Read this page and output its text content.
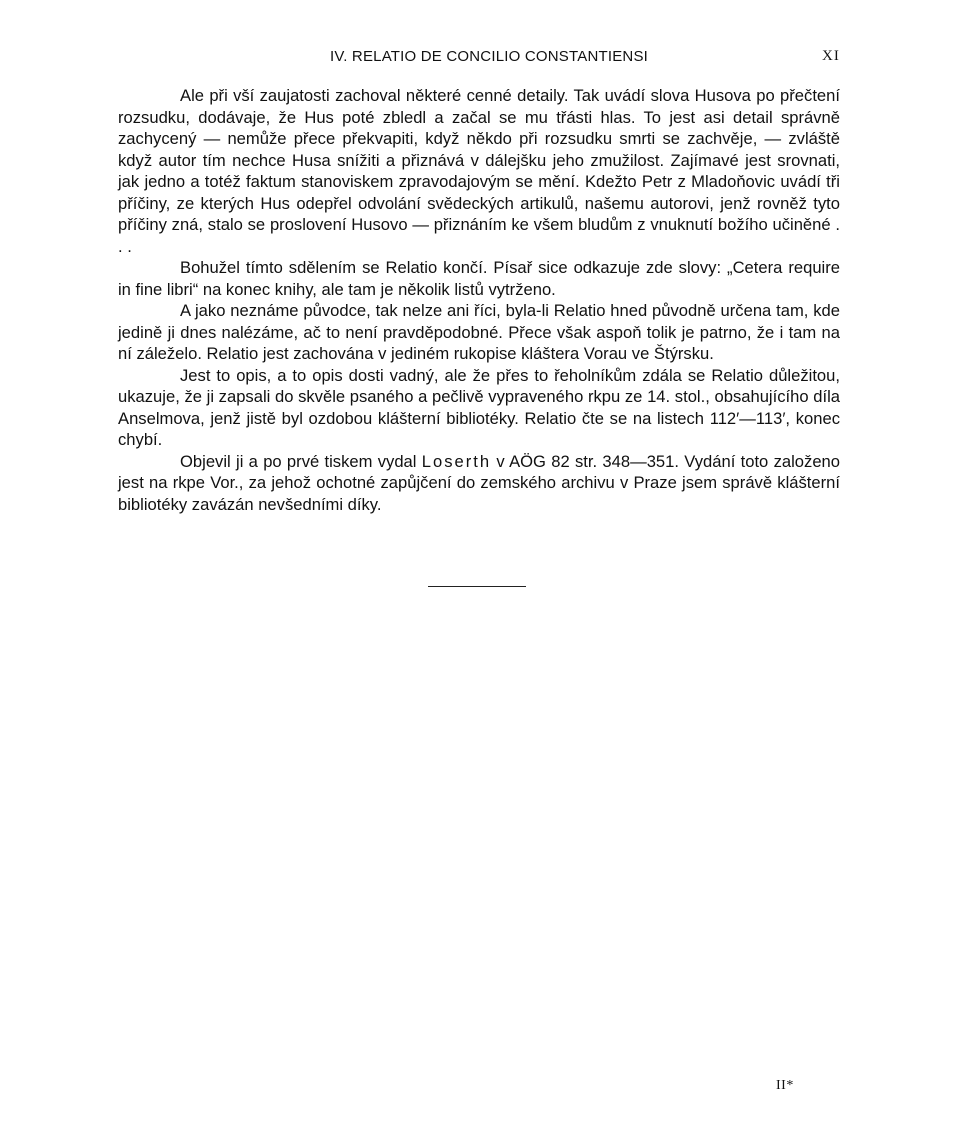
IV. RELATIO DE CONCILIO CONSTANTIENSI	XI

Ale při vší zaujatosti zachoval některé cenné detaily. Tak uvádí slova Husova po přečtení rozsudku, dodávaje, že Hus poté zbledl a začal se mu třásti hlas. To jest asi detail správně zachycený — nemůže přece překvapiti, když někdo při rozsudku smrti se zachvěje, — zvláště když autor tím nechce Husa snížiti a přiznává v dálejšku jeho zmužilost. Zajímavé jest srovnati, jak jedno a totéž faktum stanoviskem zpravodajovým se mění. Kdežto Petr z Mladoňovic uvádí tři příčiny, ze kterých Hus odepřel odvolání svědeckých artikulů, našemu autorovi, jenž rovněž tyto příčiny zná, stalo se proslovení Husovo — přiznáním ke všem bludům z vnuknutí božího učiněné . . .

Bohužel tímto sdělením se Relatio končí. Písař sice odkazuje zde slovy: „Cetera require in fine libri“ na konec knihy, ale tam je několik listů vytrženo.

A jako neznáme původce, tak nelze ani říci, byla-li Relatio hned původně určena tam, kde jedině ji dnes nalézáme, ač to není pravděpodobné. Přece však aspoň tolik je patrno, že i tam na ní záleželo. Relatio jest zachována v jediném rukopise kláštera Vorau ve Štýrsku.

Jest to opis, a to opis dosti vadný, ale že přes to řeholníkům zdála se Relatio důležitou, ukazuje, že ji zapsali do skvěle psaného a pečlivě vypraveného rkpu ze 14. stol., obsahujícího díla Anselmova, jenž jistě byl ozdobou klášterní bibliotéky. Relatio čte se na listech 112′—113′, konec chybí.

Objevil ji a po prvé tiskem vydal Loserth v AÖG 82 str. 348—351. Vydání toto založeno jest na rkpe Vor., za jehož ochotné zapůjčení do zemského archivu v Praze jsem správě klášterní bibliotéky zavázán nevšedními díky.

II*
